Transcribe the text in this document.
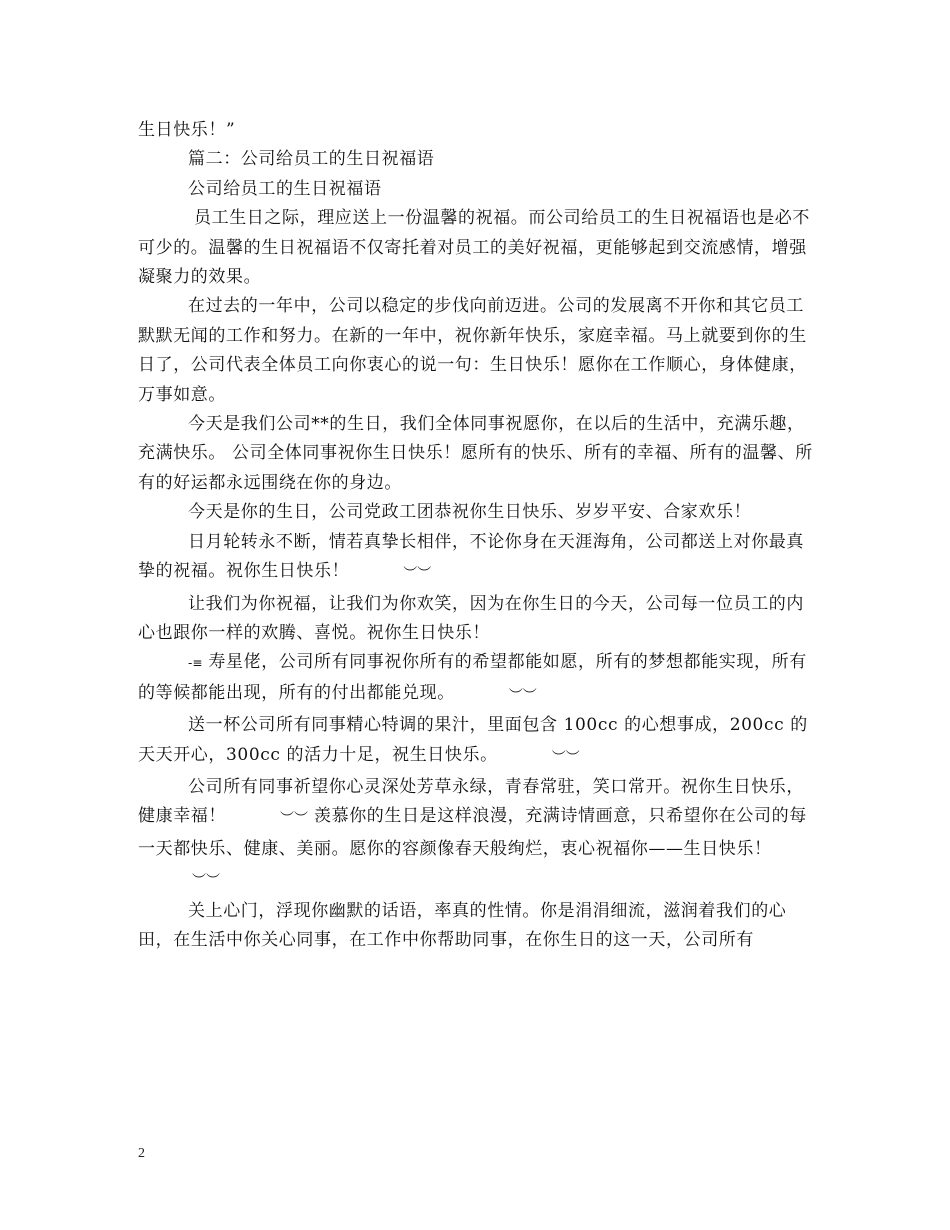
生日快乐！”

篇二：公司给员工的生日祝福语

公司给员工的生日祝福语

员工生日之际，理应送上一份温馨的祝福。而公司给员工的生日祝福语也是必不可少的。温馨的生日祝福语不仅寄托着对员工的美好祝福，更能够起到交流感情，增强凝聚力的效果。

在过去的一年中，公司以稳定的步伐向前迈进。公司的发展离不开你和其它员工默默无闻的工作和努力。在新的一年中，祝你新年快乐，家庭幸福。马上就要到你的生日了，公司代表全体员工向你衷心的说一句：生日快乐！愿你在工作顺心，身体健康，万事如意。

今天是我们公司**的生日，我们全体同事祝愿你，在以后的生活中，充满乐趣，充满快乐。 公司全体同事祝你生日快乐！愿所有的快乐、所有的幸福、所有的温馨、所有的好运都永远围绕在你的身边。

今天是你的生日，公司党政工团恭祝你生日快乐、岁岁平安、合家欢乐！

日月轮转永不断，情若真挚长相伴，不论你身在天涯海角，公司都送上对你最真挚的祝福。祝你生日快乐！	︶︶

让我们为你祝福，让我们为你欢笑，因为在你生日的今天，公司每一位员工的内心也跟你一样的欢腾、喜悦。祝你生日快乐！

-≡ 寿星佬，公司所有同事祝你所有的希望都能如愿，所有的梦想都能实现，所有的等候都能出现，所有的付出都能兑现。	︶︶

送一杯公司所有同事精心特调的果汁，里面包含 100cc 的心想事成，200cc 的天天开心，300cc 的活力十足，祝生日快乐。	︶︶

公司所有同事祈望你心灵深处芳草永绿，青春常驻，笑口常开。祝你生日快乐，健康幸福！	︶︶ 羡慕你的生日是这样浪漫，充满诗情画意，只希望你在公司的每一天都快乐、健康、美丽。愿你的容颜像春天般绚烂，衷心祝福你——生日快乐！︶︶

关上心门，浮现你幽默的话语，率真的性情。你是涓涓细流，滋润着我们的心田，在生活中你关心同事，在工作中你帮助同事，在你生日的这一天，公司所有

2
